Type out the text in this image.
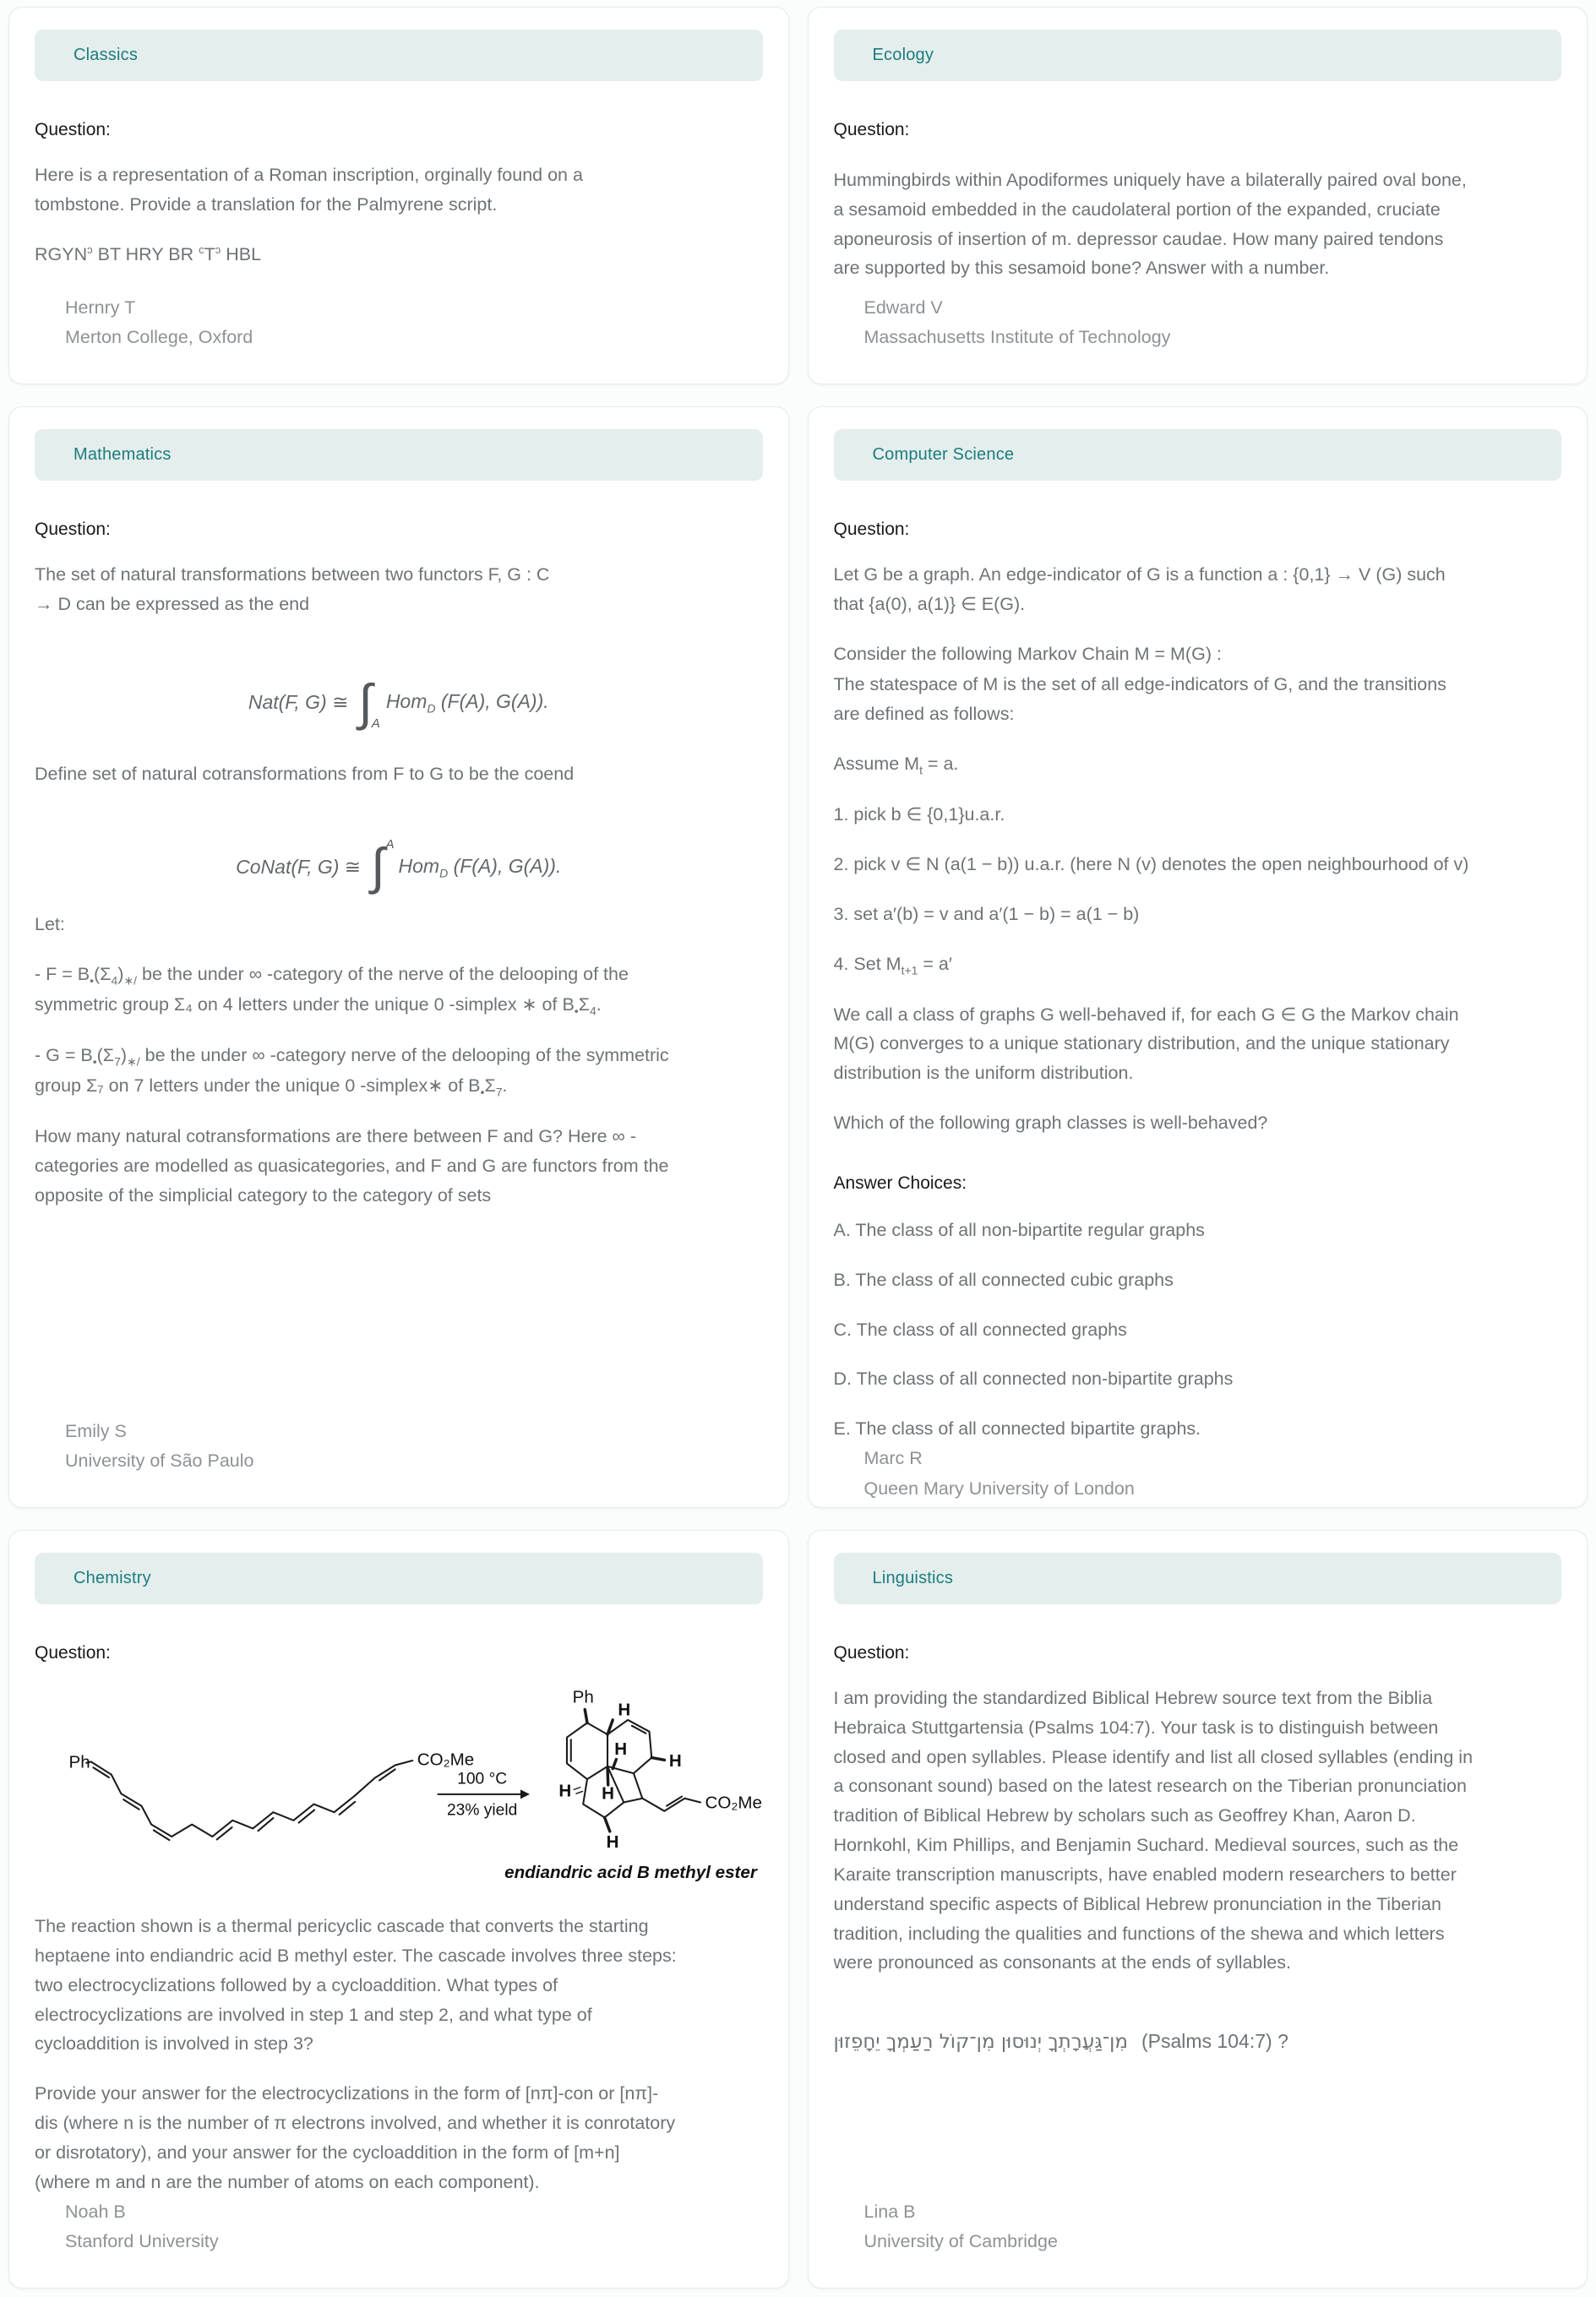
Classics
Question:

Here is a representation of a Roman inscription, orginally found on a tombstone. Provide a translation for the Palmyrene script.

$RGYN^ɔ$ BT HRY BR $^cT^ɔ$ HBL

Hernry T
Merton College, Oxford
Ecology
Question:

Hummingbirds within Apodiformes uniquely have a bilaterally paired oval bone, a sesamoid embedded in the caudolateral portion of the expanded, cruciate aponeurosis of insertion of m. depressor caudae. How many paired tendons are supported by this sesamoid bone? Answer with a number.

Edward V
Massachusetts Institute of Technology
Mathematics
Question:

The set of natural transformations between two functors F, G : C → D can be expressed as the end

Nat(F, G) ≅ ∫
A
Hom$_D$ (F(A), G(A)).

Define set of natural cotransformations from F to G to be the coend

CoNat(F, G) ≅ ∫ A
Hom$_D$ (F(A), G(A)).

Let:

- $F = B_•(\Sigma_4)_{∗/}$ be the under ∞ -category of the nerve of the delooping of the symmetric group Σ₄ on 4 letters under the unique 0 -simplex ∗ of $B_•\Sigma_4$.

- $G = B_•(\Sigma_7)_{∗/}$ be the under ∞ -category nerve of the delooping of the symmetric group Σ₇ on 7 letters under the unique 0 -simplex∗ of $B_•\Sigma_7$.

How many natural cotransformations are there between F and G? Here ∞ -categories are modelled as quasicategories, and F and G are functors from the opposite of the simplicial category to the category of sets

Emily S
University of São Paulo
Computer Science
Question:

Let G be a graph. An edge-indicator of G is a function a : {0,1} → V (G) such that {a(0), a(1)} ∈ E(G).

Consider the following Markov Chain M = M(G) :

The statespace of M is the set of all edge-indicators of G, and the transitions are defined as follows:

Assume $M_t = a$.

1. pick b ∈ {0,1}u.a.r.

2. pick v ∈ N (a(1 − b)) u.a.r. (here N (v) denotes the open neighbourhood of v)

3. set a′(b) = v and a′(1 − b) = a(1 − b)

4. Set $M_{t+1} = a'$

We call a class of graphs G well-behaved if, for each G ∈ G the Markov chain M(G) converges to a unique stationary distribution, and the unique stationary distribution is the uniform distribution.

Which of the following graph classes is well-behaved?

Answer Choices:

A. The class of all non-bipartite regular graphs

B. The class of all connected cubic graphs

C. The class of all connected graphs

D. The class of all connected non-bipartite graphs

E. The class of all connected bipartite graphs.

Marc R
Queen Mary University of London
Chemistry
Question:
Ph	CO₂Me
100 °C
23% yield
Ph
CO₂Me
H
H
H
H H
H
endiandric acid B methyl ester

The reaction shown is a thermal pericyclic cascade that converts the starting heptaene into endiandric acid B methyl ester. The cascade involves three steps: two electrocyclizations followed by a cycloaddition. What types of electrocyclizations are involved in step 1 and step 2, and what type of cycloaddition is involved in step 3?

Provide your answer for the electrocyclizations in the form of [nπ]-con or [nπ]-dis (where n is the number of π electrons involved, and whether it is conrotatory or disrotatory), and your answer for the cycloaddition in the form of [m+n] (where m and n are the number of atoms on each component).

Noah B
Stanford University
Linguistics
Question:

I am providing the standardized Biblical Hebrew source text from the Biblia Hebraica Stuttgartensia (Psalms 104:7). Your task is to distinguish between closed and open syllables. Please identify and list all closed syllables (ending in a consonant sound) based on the latest research on the Tiberian pronunciation tradition of Biblical Hebrew by scholars such as Geoffrey Khan, Aaron D. Hornkohl, Kim Phillips, and Benjamin Suchard. Medieval sources, such as the Karaite transcription manuscripts, have enabled modern researchers to better understand specific aspects of Biblical Hebrew pronunciation in the Tiberian tradition, including the qualities and functions of the shewa and which letters were pronounced as consonants at the ends of syllables.

מִן־גַּעֲרָתְךָ יְנוּסוּן מִן־קוֹל רַעַמְךָ יֵחָפֵזוּן (Psalms 104:7) ?

Lina B
University of Cambridge
